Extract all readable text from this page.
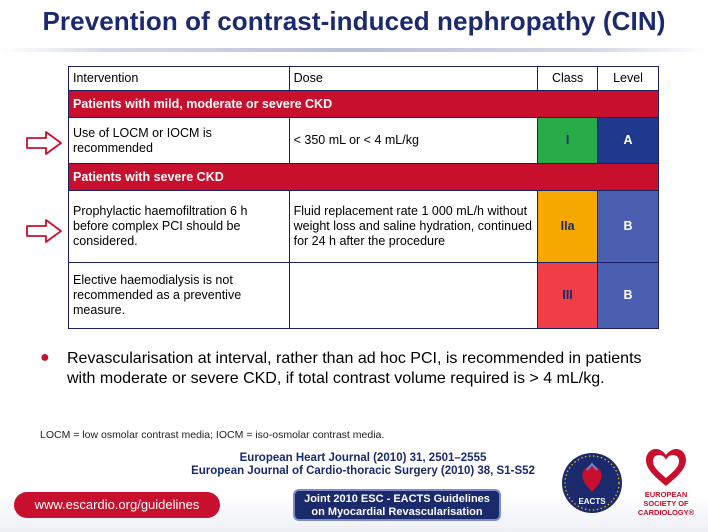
Prevention of contrast-induced nephropathy (CIN)
Intervention	Dose	Class	Level
Patients with mild, moderate or severe CKD			
Use of LOCM or IOCM is recommended	< 350 mL or < 4 mL/kg	I	A
Patients with severe CKD			
Prophylactic haemofiltration 6 h before complex PCI should be considered.	Fluid replacement rate 1 000 mL/h without weight loss and saline hydration, continued for 24 h after the procedure	IIa	B
Elective haemodialysis is not recommended as a preventive measure.		III	B
● Revascularisation at interval, rather than ad hoc PCI, is recommended in patients with moderate or severe CKD, if total contrast volume required is > 4 mL/kg.
LOCM = low osmolar contrast media; IOCM = iso-osmolar contrast media.
European Heart Journal (2010) 31, 2501–2555
European Journal of Cardio-thoracic Surgery (2010) 38, S1-S52
www.escardio.org/guidelines	Joint 2010 ESC - EACTS Guidelines
on Myocardial Revascularisation
EACTS
EUROPEAN
SOCIETY OF
CARDIOLOGY®
